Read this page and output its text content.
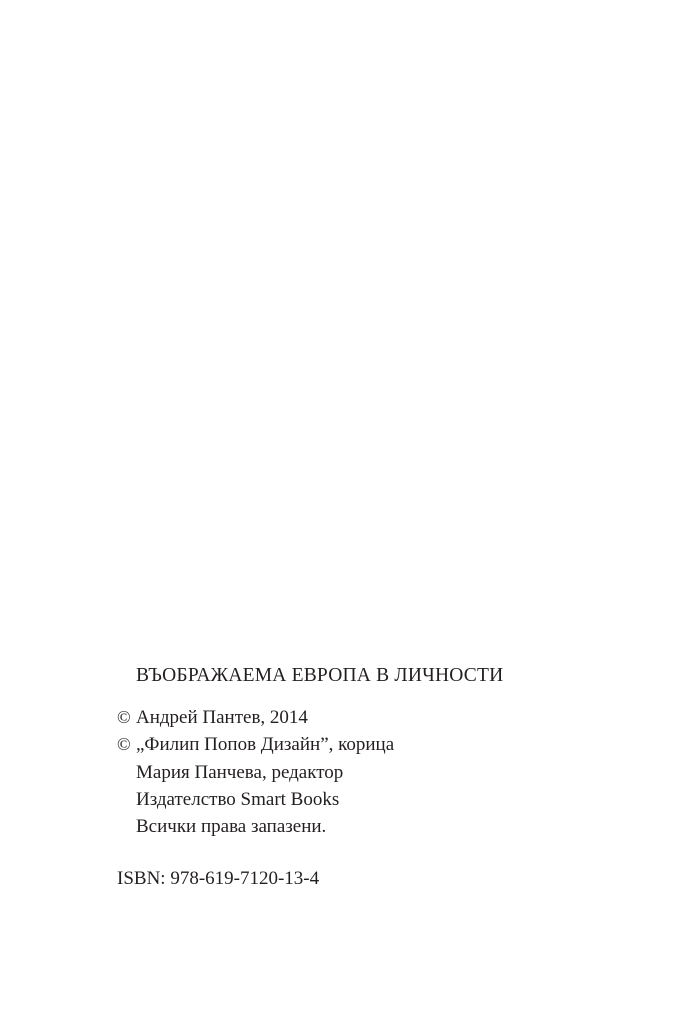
ВЪОБРАЖАЕМА ЕВРОПА В ЛИЧНОСТИ
© Андрей Пантев, 2014
© „Филип Попов Дизайн”, корица
Мария Панчева, редактор
Издателство Smart Books
Всички права запазени.
ISBN: 978-619-7120-13-4
